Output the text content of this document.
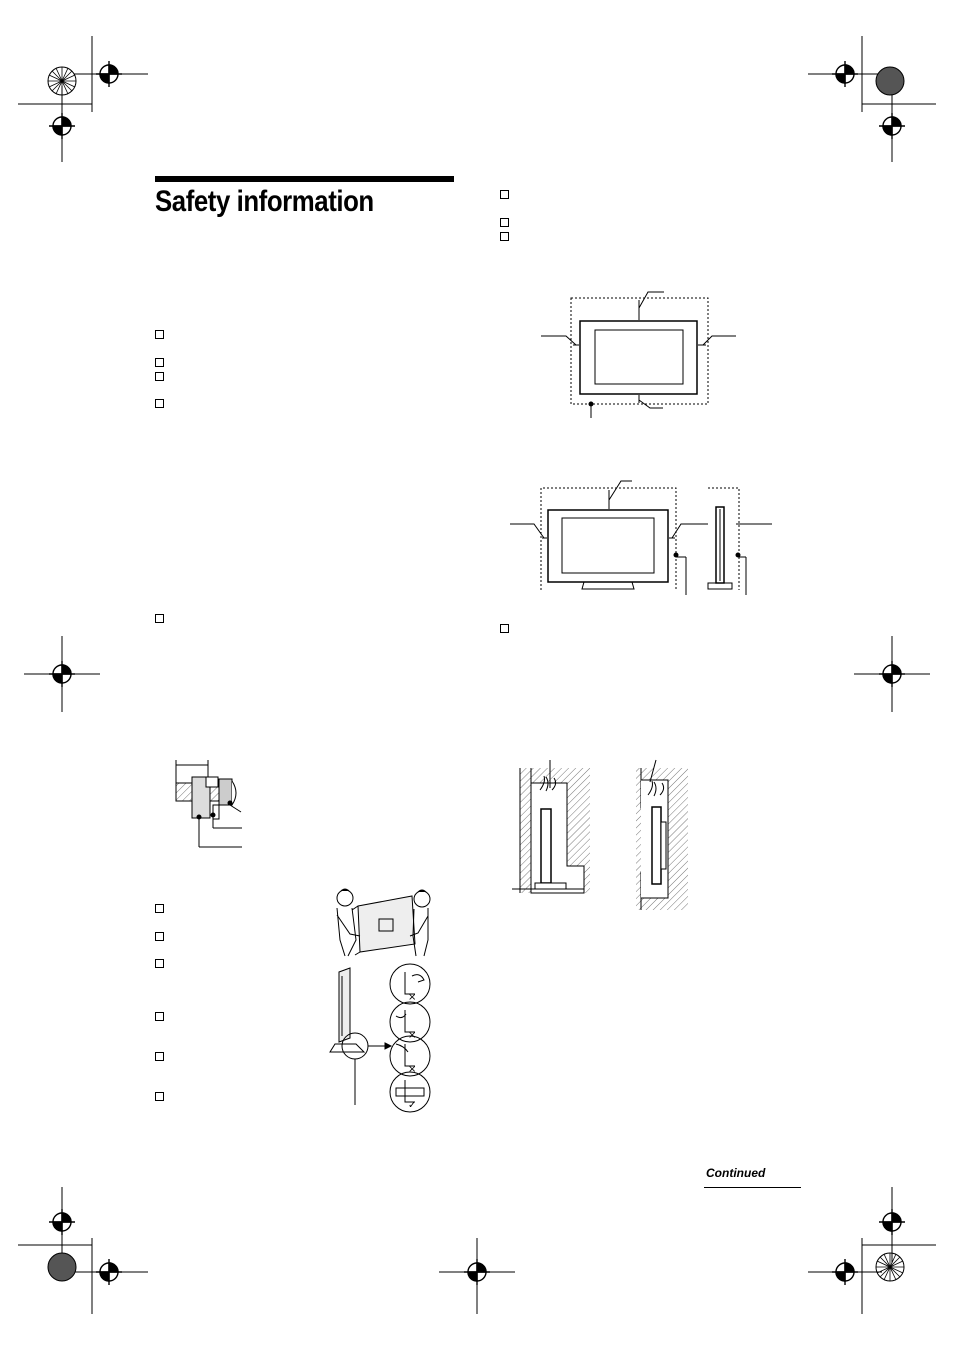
Safety information
×
×
×
✓
Continued
